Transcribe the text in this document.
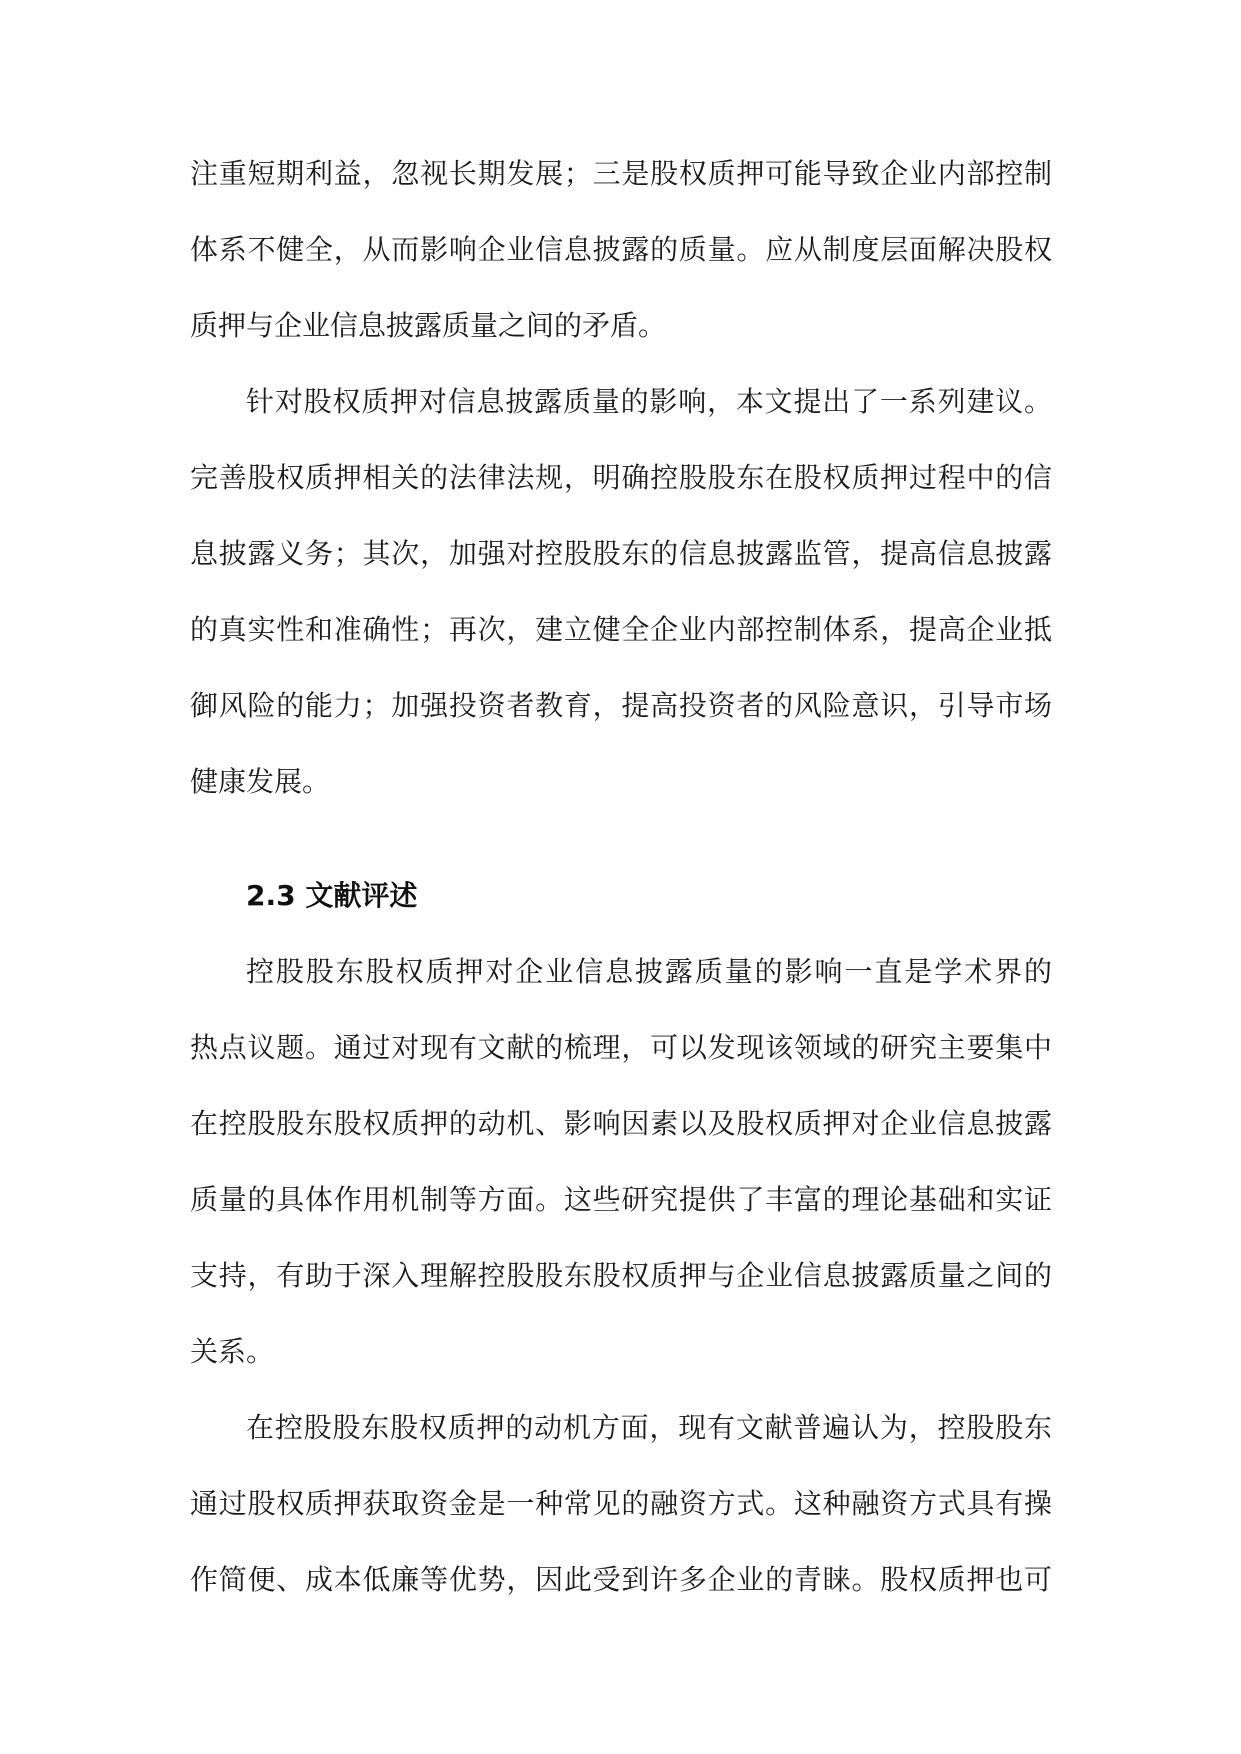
注重短期利益，忽视长期发展；三是股权质押可能导致企业内部控制
体系不健全，从而影响企业信息披露的质量。应从制度层面解决股权
质押与企业信息披露质量之间的矛盾。
针对股权质押对信息披露质量的影响，本文提出了一系列建议。
完善股权质押相关的法律法规，明确控股股东在股权质押过程中的信
息披露义务；其次，加强对控股股东的信息披露监管，提高信息披露
的真实性和准确性；再次，建立健全企业内部控制体系，提高企业抵
御风险的能力；加强投资者教育，提高投资者的风险意识，引导市场
健康发展。
2.3 文献评述
控股股东股权质押对企业信息披露质量的影响一直是学术界的
热点议题。通过对现有文献的梳理，可以发现该领域的研究主要集中
在控股股东股权质押的动机、影响因素以及股权质押对企业信息披露
质量的具体作用机制等方面。这些研究提供了丰富的理论基础和实证
支持，有助于深入理解控股股东股权质押与企业信息披露质量之间的
关系。
在控股股东股权质押的动机方面，现有文献普遍认为，控股股东
通过股权质押获取资金是一种常见的融资方式。这种融资方式具有操
作简便、成本低廉等优势，因此受到许多企业的青睐。股权质押也可
